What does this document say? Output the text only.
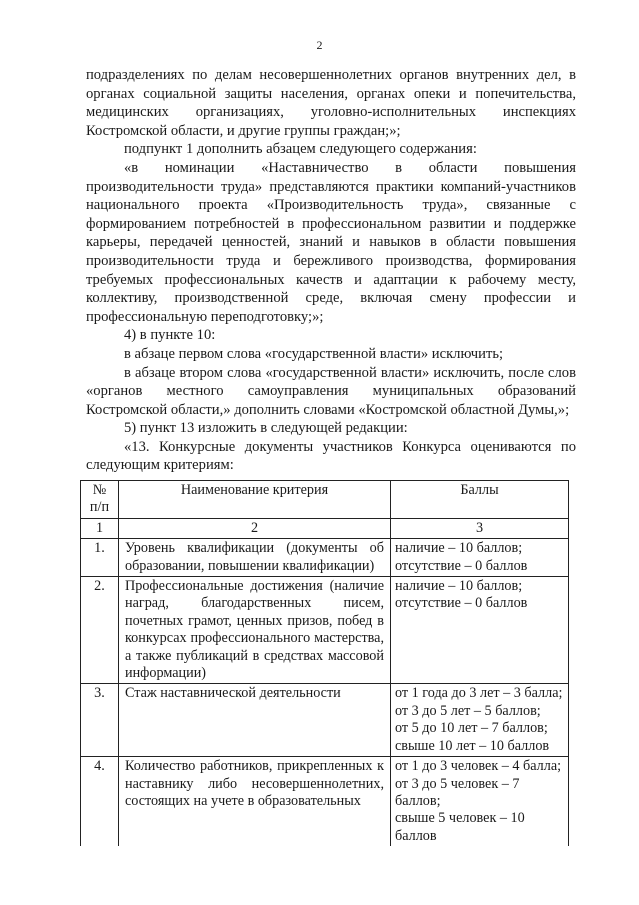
2

подразделениях по делам несовершеннолетних органов внутренних дел, в органах социальной защиты населения, органах опеки и попечительства, медицинских организациях, уголовно-исполнительных инспекциях Костромской области, и другие группы граждан;»;

подпункт 1 дополнить абзацем следующего содержания:

«в номинации «Наставничество в области повышения производительности труда» представляются практики компаний-участников национального проекта «Производительность труда», связанные с формированием потребностей в профессиональном развитии и поддержке карьеры, передачей ценностей, знаний и навыков в области повышения производительности труда и бережливого производства, формирования требуемых профессиональных качеств и адаптации к рабочему месту, коллективу, производственной среде, включая смену профессии и профессиональную переподготовку;»;

4) в пункте 10:

в абзаце первом слова «государственной власти» исключить;

в абзаце втором слова «государственной власти» исключить, после слов «органов местного самоуправления муниципальных образований Костромской области,» дополнить словами «Костромской областной Думы,»;

5) пункт 13 изложить в следующей редакции:

«13. Конкурсные документы участников Конкурса оцениваются по следующим критериям:

№ п/п	Наименование критерия	Баллы
1	2	3
1.	Уровень квалификации (документы об образовании, повышении квалификации)	наличие – 10 баллов;
отсутствие – 0 баллов

2.	Профессиональные достижения (наличие наград, благодарственных писем, почетных грамот, ценных призов, побед в конкурсах профессионального мастерства, а также публикаций в средствах массовой информации)	наличие – 10 баллов;
отсутствие – 0 баллов

3.	Стаж наставнической деятельности	от 1 года до 3 лет – 3 балла;
от 3 до 5 лет – 5 баллов;
от 5 до 10 лет – 7 баллов;
свыше 10 лет – 10 баллов

4.	Количество работников, прикрепленных к наставнику либо несовершеннолетних, состоящих на учете в образовательных	от 1 до 3 человек – 4 балла;
от 3 до 5 человек – 7 баллов;
свыше 5 человек – 10 баллов
